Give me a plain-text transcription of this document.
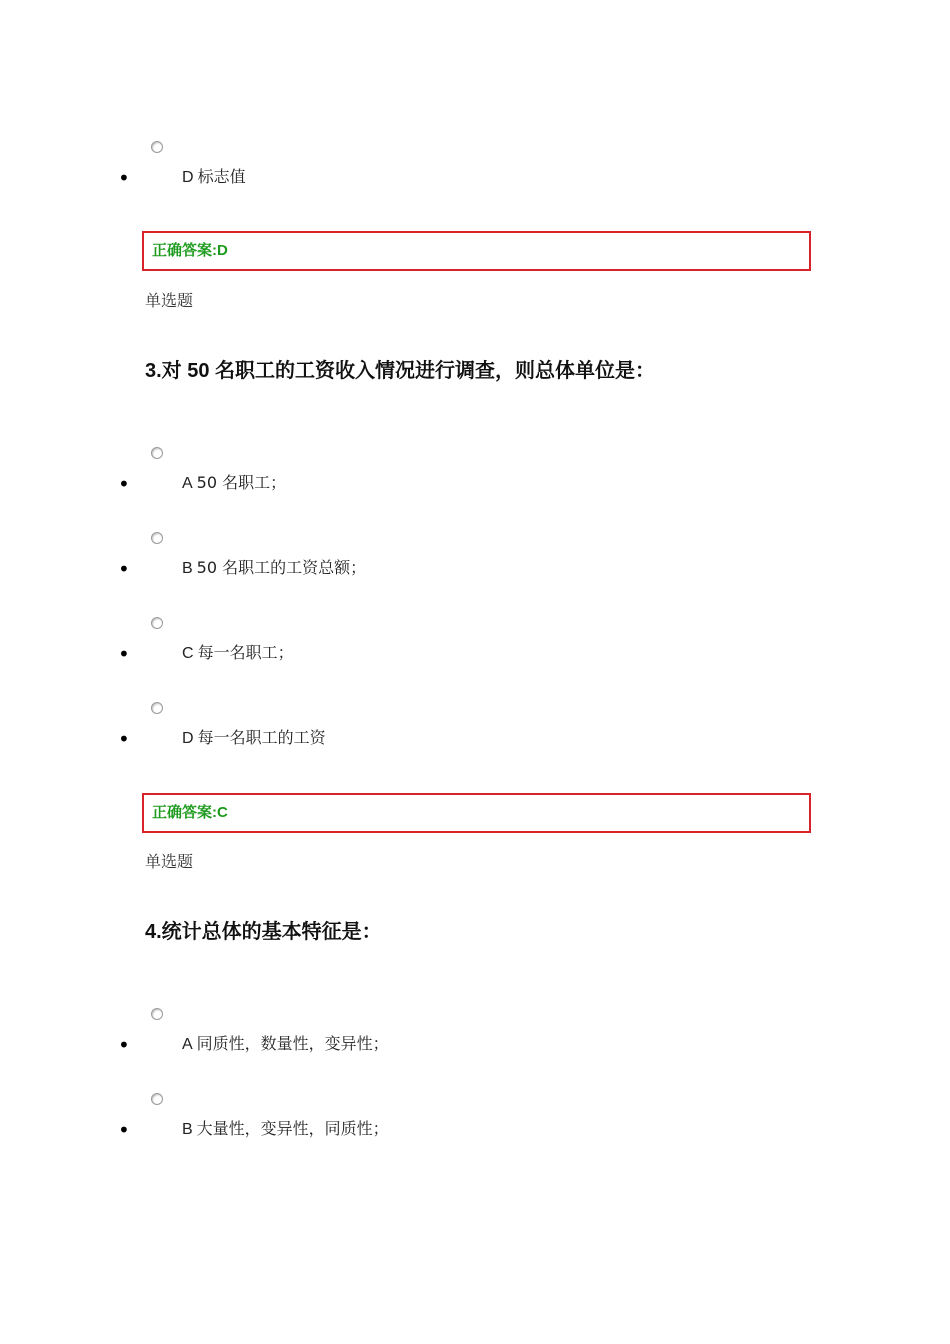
•	D 标志值
正确答案:D
单选题
3.对 50 名职工的工资收入情况进行调查，则总体单位是：
•	A 50 名职工；
•	B 50 名职工的工资总额；
•	C 每一名职工；
•	D 每一名职工的工资
正确答案:C
单选题
4.统计总体的基本特征是：
•	A 同质性，数量性，变异性；
•	B 大量性，变异性，同质性；
